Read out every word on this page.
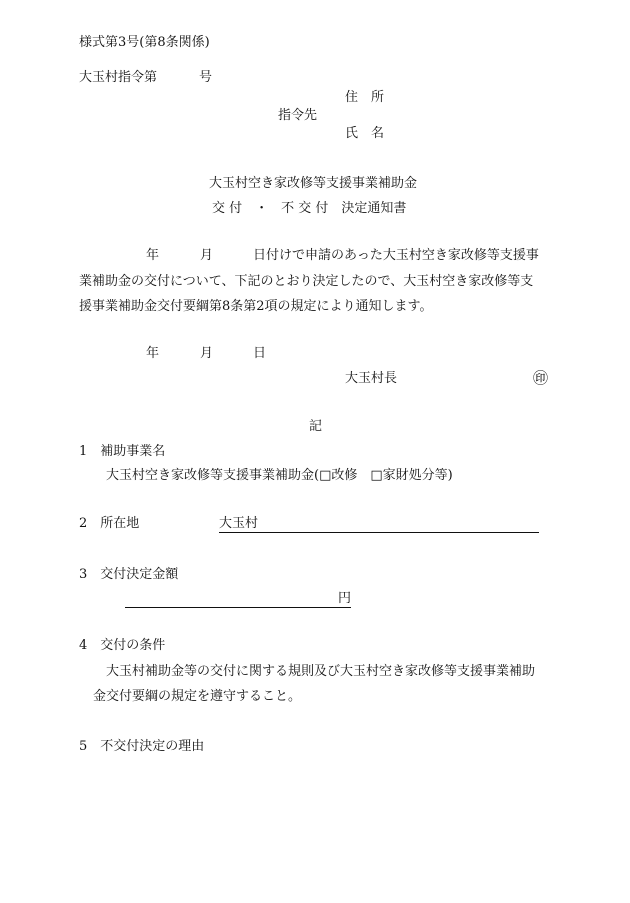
様式第3号(第8条関係)
大玉村指令第	号
住　所
指令先
氏　名
大玉村空き家改修等支援事業補助金
交 付　・　不 交 付　決定通知書
年	月	日付けで申請のあった大玉村空き家改修等支援事
業補助金の交付について、下記のとおり決定したので、大玉村空き家改修等支
援事業補助金交付要綱第8条第2項の規定により通知します。
年	月	日
大玉村長	㊞
記
1　補助事業名
大玉村空き家改修等支援事業補助金(□改修　□家財処分等)
2　所在地	大玉村
3　交付決定金額
円
4　交付の条件
大玉村補助金等の交付に関する規則及び大玉村空き家改修等支援事業補助
金交付要綱の規定を遵守すること。
5　不交付決定の理由
